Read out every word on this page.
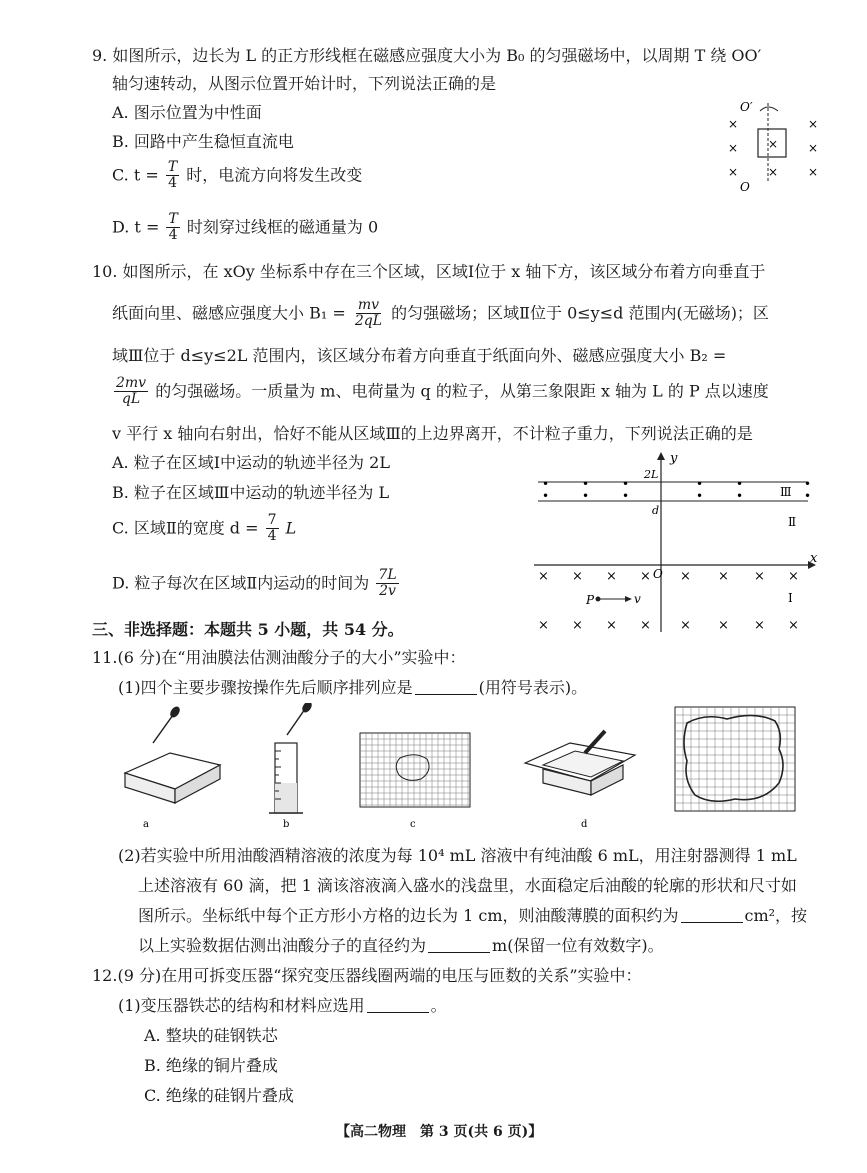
9. 如图所示，边长为 L 的正方形线框在磁感应强度大小为 B₀ 的匀强磁场中，以周期 T 绕 OO′
轴匀速转动，从图示位置开始计时，下列说法正确的是
A. 图示位置为中性面
B. 回路中产生稳恒直流电
C. $t = \frac{T}{4}$ 时，电流方向将发生改变
D. $t = \frac{T}{4}$ 时刻穿过线框的磁通量为 0
O′
O
×	×
× × ×
× × ×
10. 如图所示，在 xOy 坐标系中存在三个区域，区域Ⅰ位于 x 轴下方，该区域分布着方向垂直于
纸面向里、磁感应强度大小 $B_1 = \frac{mv}{2qL}$ 的匀强磁场；区域Ⅱ位于 0≤y≤d 范围内(无磁场)；区
域Ⅲ位于 d≤y≤2L 范围内，该区域分布着方向垂直于纸面向外、磁感应强度大小 B₂ =
$\frac{2mv}{qL}$ 的匀强磁场。一质量为 m、电荷量为 q 的粒子，从第三象限距 x 轴为 L 的 P 点以速度
v 平行 x 轴向右射出，恰好不能从区域Ⅲ的上边界离开，不计粒子重力，下列说法正确的是
A. 粒子在区域Ⅰ中运动的轨迹半径为 2L
B. 粒子在区域Ⅲ中运动的轨迹半径为 L
C. 区域Ⅱ的宽度 $d = \frac{7}{4}$ L
D. 粒子每次在区域Ⅱ内运动的时间为 $\frac{7L}{2v}$
y
x
O
2L
d
•
•
•
•
•
•
•
•
•
•
•
•
Ⅲ
Ⅱ
Ⅰ
× × × × × × × ×
× × × × × × × ×
P	v
三、非选择题：本题共 5 小题，共 54 分。
11.(6 分)在“用油膜法估测油酸分子的大小”实验中：
(1)四个主要步骤按操作先后顺序排列应是	(用符号表示)。
a	b	c	d
(2)若实验中所用油酸酒精溶液的浓度为每 10⁴ mL 溶液中有纯油酸 6 mL，用注射器测得 1 mL
上述溶液有 60 滴，把 1 滴该溶液滴入盛水的浅盘里，水面稳定后油酸的轮廓的形状和尺寸如
图所示。坐标纸中每个正方形小方格的边长为 1 cm，则油酸薄膜的面积约为	cm²，按
以上实验数据估测出油酸分子的直径约为	m(保留一位有效数字)。
12.(9 分)在用可拆变压器“探究变压器线圈两端的电压与匝数的关系”实验中：
(1)变压器铁芯的结构和材料应选用	。
A. 整块的硅钢铁芯
B. 绝缘的铜片叠成
C. 绝缘的硅钢片叠成
【高二物理　第 3 页(共 6 页)】
